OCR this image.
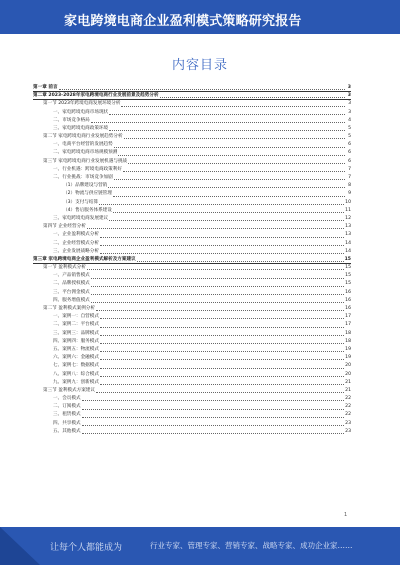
家电跨境电商企业盈利模式策略研究报告
内容目录
第一章 前言	3
第二章 2023-2028年家电跨境电商行业发展前景及趋势分析	3
第一节 2023年跨境电商发展环境分析	3
一、家电跨境电商市场现状	3
二、市场竞争格局	4
三、家电跨境电商政策环境	5
第二节 家电跨境电商行业发展趋势分析	5
一、电商平台经营的发展趋势	6
二、家电跨境电商市场规模预测	6
第三节 家电跨境电商行业发展机遇与挑战	6
一、行业机遇：跨境电商政策利好	7
二、行业挑战：市场竞争加剧	7
（1）品牌建设与营销	8
（2）物流与供应链管理	9
（3）支付与结算	10
（4）售后服务体系建设	11
三、家电跨境电商发展建议	12
第四节 企业经营分析	13
一、企业盈利模式分析	13
二、企业经营模式分析	14
三、企业发展战略分析	14
第三章 家电跨境电商企业盈利模式解析及方案建议	15
第一节 盈利模式分析	15
一、产品销售模式	15
二、品牌授权模式	15
三、平台佣金模式	16
四、服务增值模式	16
第二节 盈利模式案例分析	16
一、案例一：自营模式	17
二、案例二：平台模式	17
三、案例三：品牌模式	18
四、案例四：服务模式	18
五、案例五：物流模式	19
六、案例六：金融模式	19
七、案例七：数据模式	20
八、案例八：综合模式	20
九、案例九：创新模式	21
第三节 盈利模式方案建议	21
一、会员模式	22
二、订阅模式	22
三、租赁模式	22
四、共享模式	23
五、其他模式	23
1
让每个人都能成为	行业专家、管理专家、营销专家、战略专家、成功企业家……
